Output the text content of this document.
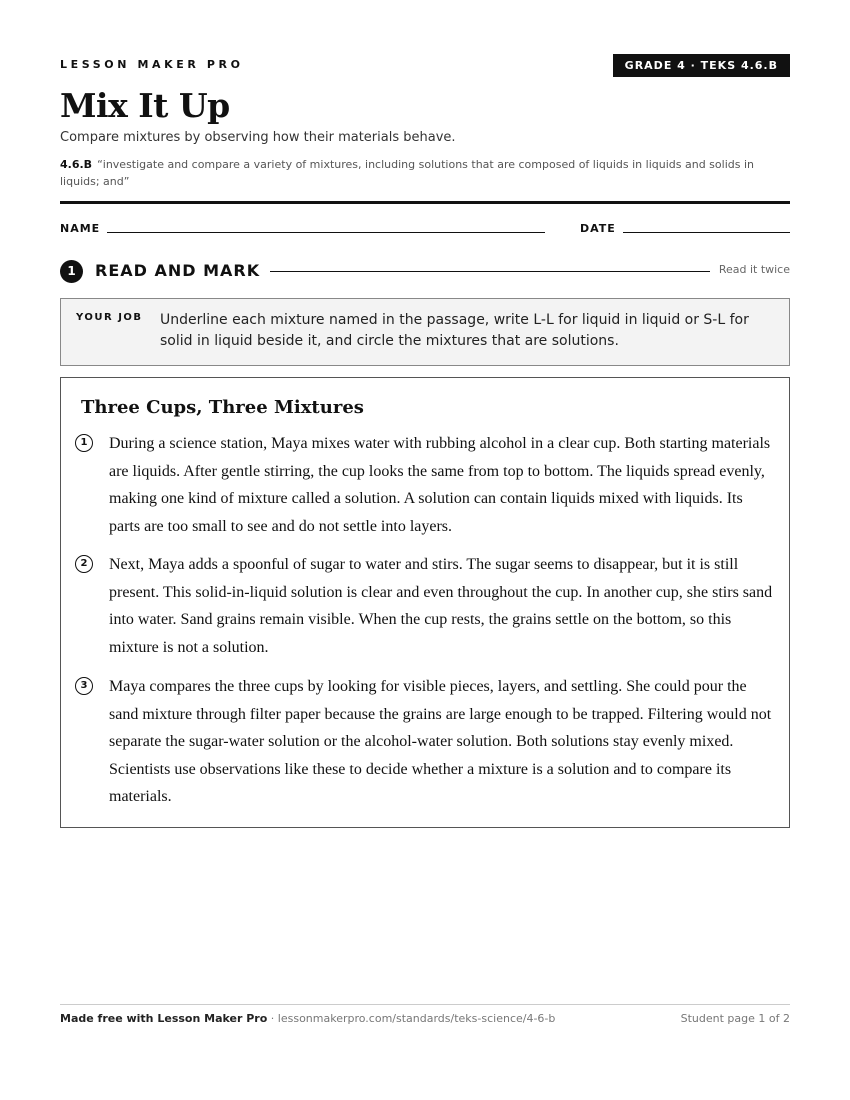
LESSON MAKER PRO	GRADE 4 · TEKS 4.6.B
Mix It Up
Compare mixtures by observing how their materials behave.
4.6.B “investigate and compare a variety of mixtures, including solutions that are composed of liquids in liquids and solids in liquids; and”
NAME	DATE
1	READ AND MARK	Read it twice
YOUR JOB Underline each mixture named in the passage, write L-L for liquid in liquid or S-L for solid in liquid beside it, and circle the mixtures that are solutions.
Three Cups, Three Mixtures
1	During a science station, Maya mixes water with rubbing alcohol in a clear cup. Both starting materials are liquids. After gentle stirring, the cup looks the same from top to bottom. The liquids spread evenly, making one kind of mixture called a solution. A solution can contain liquids mixed with liquids. Its parts are too small to see and do not settle into layers.
2	Next, Maya adds a spoonful of sugar to water and stirs. The sugar seems to disappear, but it is still present. This solid-in-liquid solution is clear and even throughout the cup. In another cup, she stirs sand into water. Sand grains remain visible. When the cup rests, the grains settle on the bottom, so this mixture is not a solution.
3	Maya compares the three cups by looking for visible pieces, layers, and settling. She could pour the sand mixture through filter paper because the grains are large enough to be trapped. Filtering would not separate the sugar-water solution or the alcohol-water solution. Both solutions stay evenly mixed. Scientists use observations like these to decide whether a mixture is a solution and to compare its materials.
Made free with Lesson Maker Pro · lessonmakerpro.com/standards/teks-science/4-6-b	Student page 1 of 2
